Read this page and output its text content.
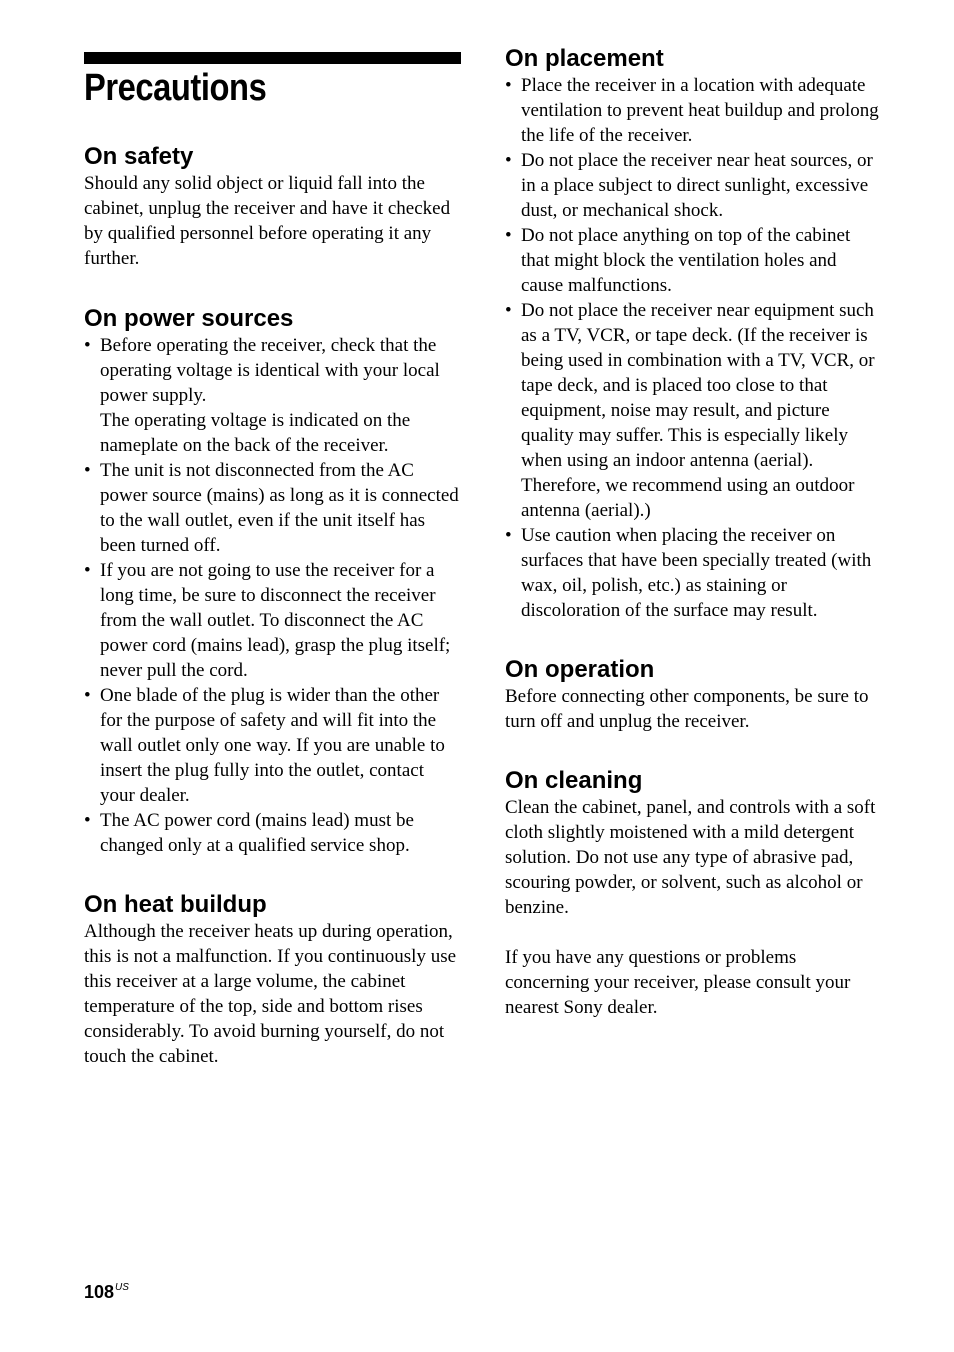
Precautions
On safety

Should any solid object or liquid fall into the cabinet, unplug the receiver and have it checked by qualified personnel before operating it any further.

On power sources
• Before operating the receiver, check that the operating voltage is identical with your local power supply.
The operating voltage is indicated on the nameplate on the back of the receiver.
• The unit is not disconnected from the AC power source (mains) as long as it is connected to the wall outlet, even if the unit itself has been turned off.
• If you are not going to use the receiver for a long time, be sure to disconnect the receiver from the wall outlet. To disconnect the AC power cord (mains lead), grasp the plug itself; never pull the cord.
• One blade of the plug is wider than the other for the purpose of safety and will fit into the wall outlet only one way. If you are unable to insert the plug fully into the outlet, contact your dealer.
• The AC power cord (mains lead) must be changed only at a qualified service shop.
On heat buildup

Although the receiver heats up during operation, this is not a malfunction. If you continuously use this receiver at a large volume, the cabinet temperature of the top, side and bottom rises considerably. To avoid burning yourself, do not touch the cabinet.

On placement
• Place the receiver in a location with adequate ventilation to prevent heat buildup and prolong the life of the receiver.
• Do not place the receiver near heat sources, or in a place subject to direct sunlight, excessive dust, or mechanical shock.
• Do not place anything on top of the cabinet that might block the ventilation holes and cause malfunctions.
• Do not place the receiver near equipment such as a TV, VCR, or tape deck. (If the receiver is being used in combination with a TV, VCR, or tape deck, and is placed too close to that equipment, noise may result, and picture quality may suffer. This is especially likely when using an indoor antenna (aerial). Therefore, we recommend using an outdoor antenna (aerial).)
• Use caution when placing the receiver on surfaces that have been specially treated (with wax, oil, polish, etc.) as staining or discoloration of the surface may result.
On operation

Before connecting other components, be sure to turn off and unplug the receiver.

On cleaning

Clean the cabinet, panel, and controls with a soft cloth slightly moistened with a mild detergent solution. Do not use any type of abrasive pad, scouring powder, or solvent, such as alcohol or benzine.

If you have any questions or problems concerning your receiver, please consult your nearest Sony dealer.

$108^{US}$
